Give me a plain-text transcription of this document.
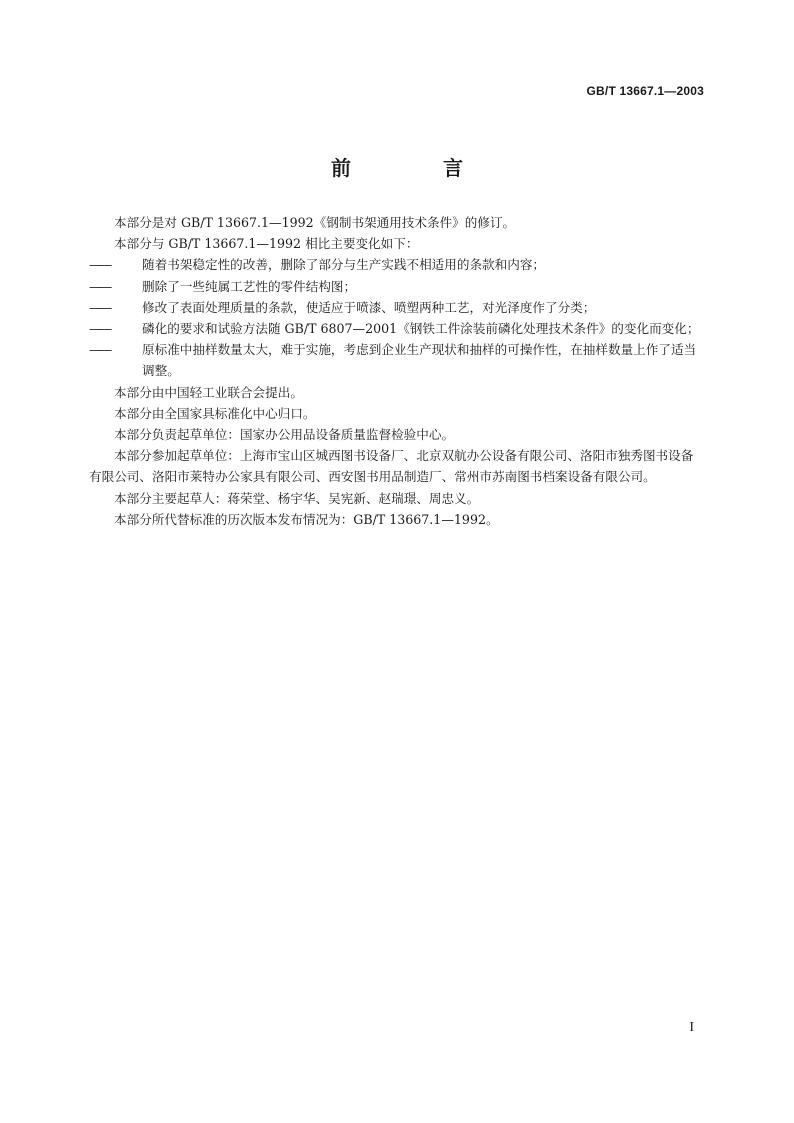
GB/T 13667.1—2003
前　言

本部分是对 GB/T 13667.1—1992《钢制书架通用技术条件》的修订。

本部分与 GB/T 13667.1—1992 相比主要变化如下：

——	随着书架稳定性的改善，删除了部分与生产实践不相适用的条款和内容；
——	删除了一些纯属工艺性的零件结构图；
——	修改了表面处理质量的条款，使适应于喷漆、喷塑两种工艺，对光泽度作了分类；
——	磷化的要求和试验方法随 GB/T 6807—2001《钢铁工件涂装前磷化处理技术条件》的变化而变化；
——	原标准中抽样数量太大，难于实施，考虑到企业生产现状和抽样的可操作性，在抽样数量上作了适当调整。

本部分由中国轻工业联合会提出。

本部分由全国家具标准化中心归口。

本部分负责起草单位：国家办公用品设备质量监督检验中心。

本部分参加起草单位：上海市宝山区城西图书设备厂、北京双航办公设备有限公司、洛阳市独秀图书设备有限公司、洛阳市莱特办公家具有限公司、西安图书用品制造厂、常州市苏南图书档案设备有限公司。

本部分主要起草人：蒋荣堂、杨宇华、吴宪新、赵瑞璟、周忠义。

本部分所代替标准的历次版本发布情况为：GB/T 13667.1—1992。

I
